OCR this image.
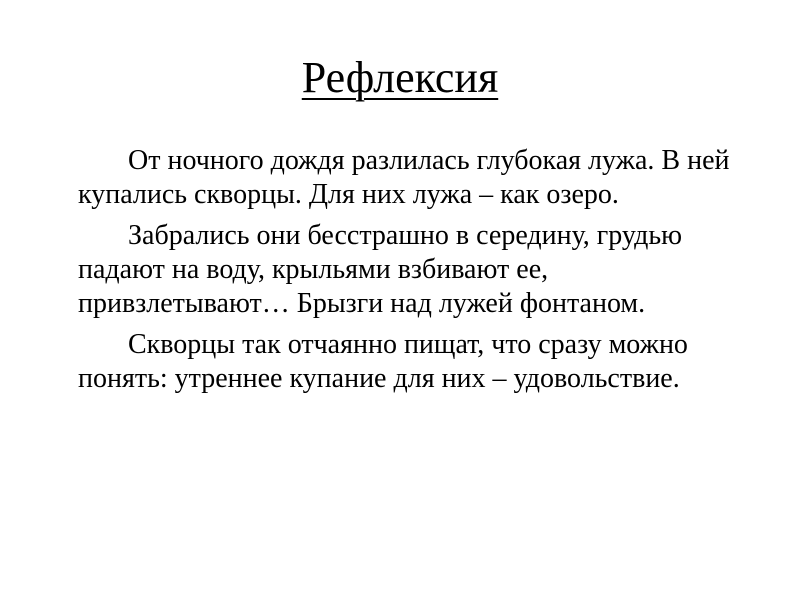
Рефлексия

От ночного дождя разлилась глубокая лужа. В ней купались скворцы. Для них лужа – как озеро.

Забрались они бесстрашно в середину, грудью падают на воду, крыльями взбивают ее, привзлетывают… Брызги над лужей фонтаном.

Скворцы так отчаянно пищат, что сразу можно понять: утреннее купание для них – удовольствие.
